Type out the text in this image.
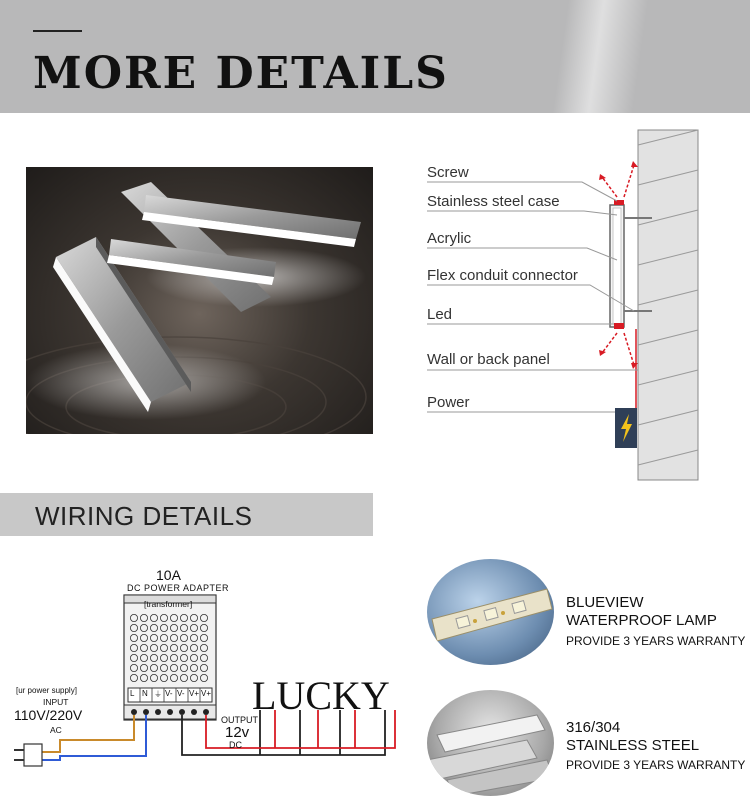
MORE DETAILS
Screw
Stainless steel case
Acrylic
Flex conduit connector
Led
Wall or back panel
Power
WIRING DETAILS
10A
DC POWER ADAPTER
[transformer]
L N ⏚ V- V- V+ V+
[ur power supply]
INPUT
110V/220V
AC
OUTPUT
12v
DC
LUCKY
BLUEVIEW
WATERPROOF LAMP
PROVIDE 3 YEARS WARRANTY
316/304
STAINLESS STEEL
PROVIDE 3 YEARS WARRANTY
